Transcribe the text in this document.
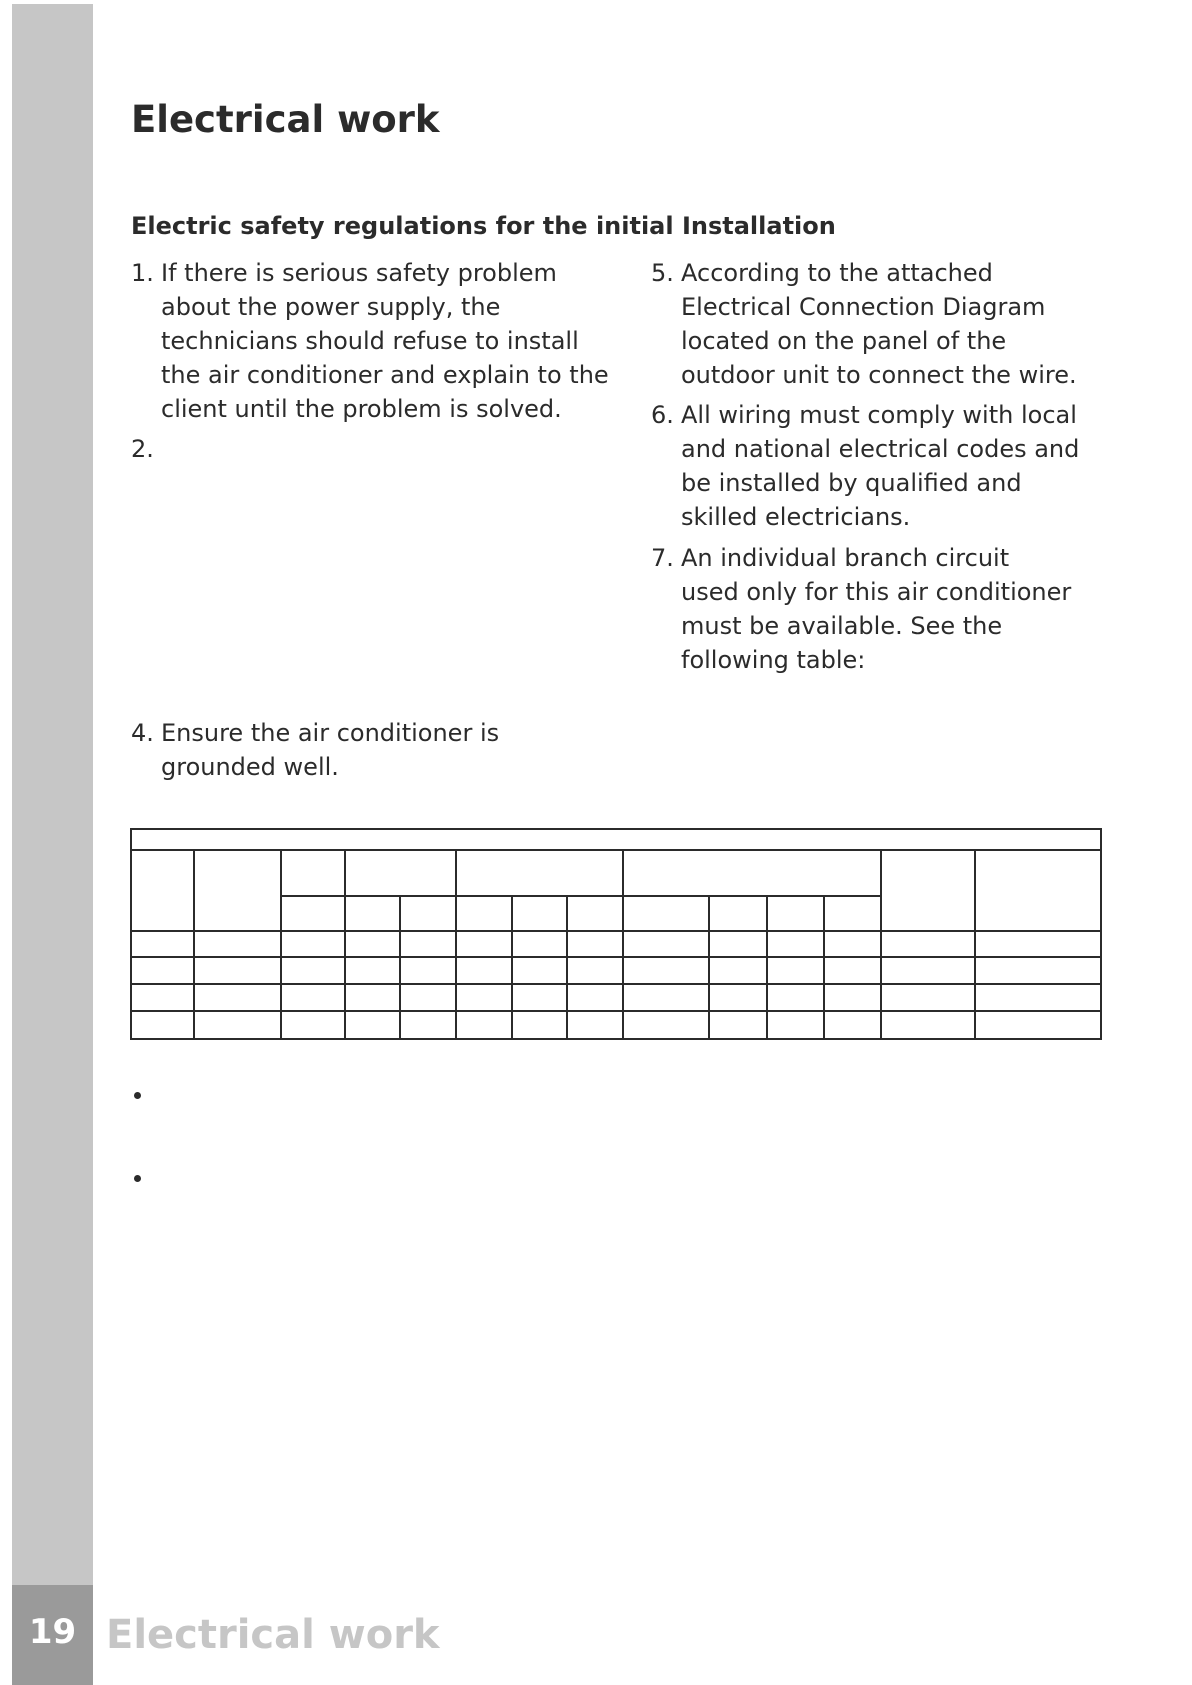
19 Electrical work
Electrical work
Electric safety regulations for the initial Installation
1. If there is serious safety problem
about the power supply, the
technicians should refuse to install
the air conditioner and explain to the
client until the problem is solved.
2.
4. Ensure the air conditioner is
grounded well.
5. According to the attached
Electrical Connection Diagram
located on the panel of the
outdoor unit to connect the wire.
6. All wiring must comply with local
and national electrical codes and
be installed by qualified and
skilled electricians.
7. An individual branch circuit
used only for this air conditioner
must be available. See the
following table:
